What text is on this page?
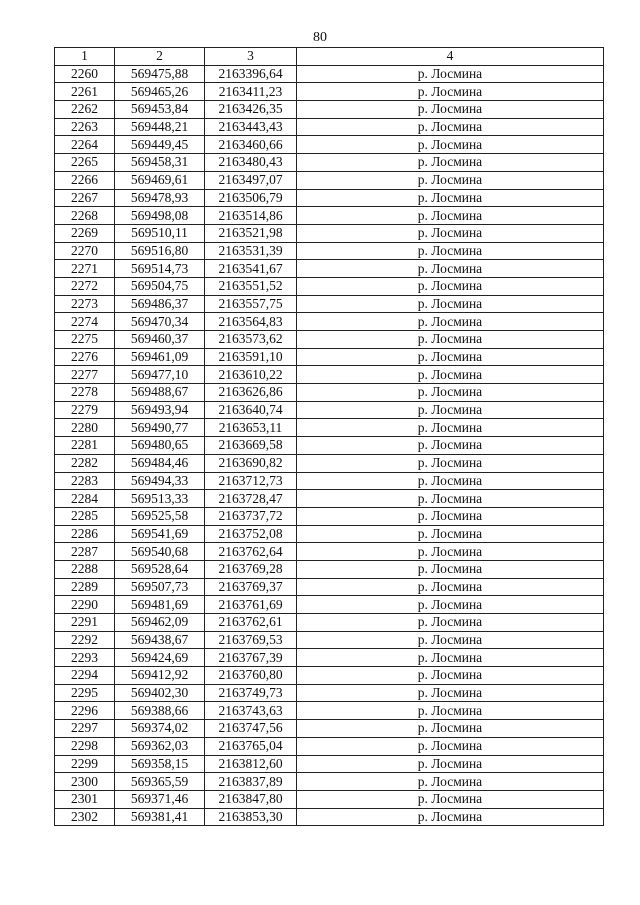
80
1	2	3	4
2260	569475,88	2163396,64	р. Лосмина
2261	569465,26	2163411,23	р. Лосмина
2262	569453,84	2163426,35	р. Лосмина
2263	569448,21	2163443,43	р. Лосмина
2264	569449,45	2163460,66	р. Лосмина
2265	569458,31	2163480,43	р. Лосмина
2266	569469,61	2163497,07	р. Лосмина
2267	569478,93	2163506,79	р. Лосмина
2268	569498,08	2163514,86	р. Лосмина
2269	569510,11	2163521,98	р. Лосмина
2270	569516,80	2163531,39	р. Лосмина
2271	569514,73	2163541,67	р. Лосмина
2272	569504,75	2163551,52	р. Лосмина
2273	569486,37	2163557,75	р. Лосмина
2274	569470,34	2163564,83	р. Лосмина
2275	569460,37	2163573,62	р. Лосмина
2276	569461,09	2163591,10	р. Лосмина
2277	569477,10	2163610,22	р. Лосмина
2278	569488,67	2163626,86	р. Лосмина
2279	569493,94	2163640,74	р. Лосмина
2280	569490,77	2163653,11	р. Лосмина
2281	569480,65	2163669,58	р. Лосмина
2282	569484,46	2163690,82	р. Лосмина
2283	569494,33	2163712,73	р. Лосмина
2284	569513,33	2163728,47	р. Лосмина
2285	569525,58	2163737,72	р. Лосмина
2286	569541,69	2163752,08	р. Лосмина
2287	569540,68	2163762,64	р. Лосмина
2288	569528,64	2163769,28	р. Лосмина
2289	569507,73	2163769,37	р. Лосмина
2290	569481,69	2163761,69	р. Лосмина
2291	569462,09	2163762,61	р. Лосмина
2292	569438,67	2163769,53	р. Лосмина
2293	569424,69	2163767,39	р. Лосмина
2294	569412,92	2163760,80	р. Лосмина
2295	569402,30	2163749,73	р. Лосмина
2296	569388,66	2163743,63	р. Лосмина
2297	569374,02	2163747,56	р. Лосмина
2298	569362,03	2163765,04	р. Лосмина
2299	569358,15	2163812,60	р. Лосмина
2300	569365,59	2163837,89	р. Лосмина
2301	569371,46	2163847,80	р. Лосмина
2302	569381,41	2163853,30	р. Лосмина
